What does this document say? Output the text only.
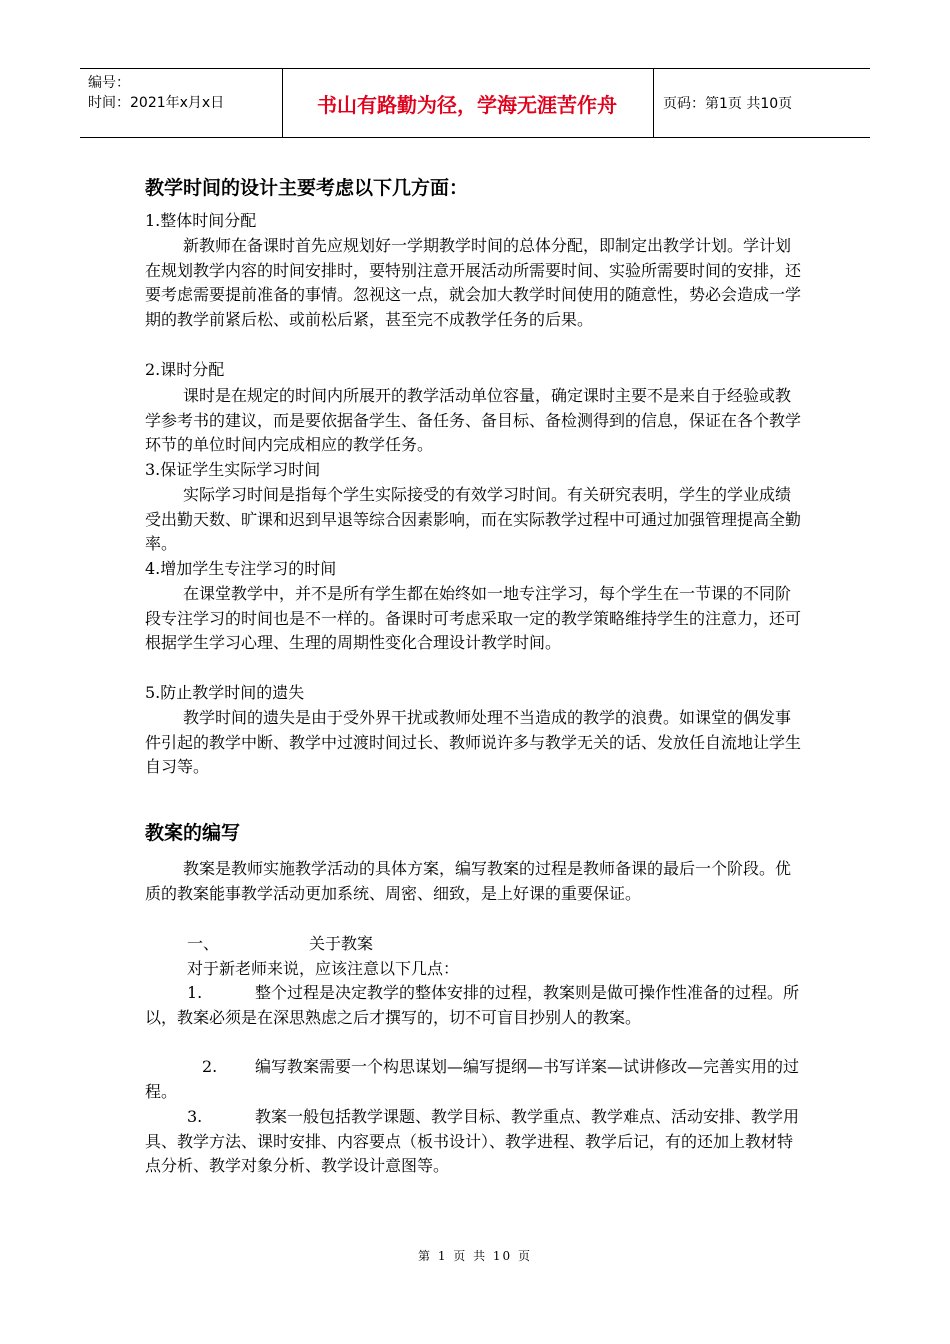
编号：
时间：2021年x月x日	书山有路勤为径，学海无涯苦作舟	页码：第1页 共10页
教学时间的设计主要考虑以下几方面：
1.整体时间分配

新教师在备课时首先应规划好一学期教学时间的总体分配，即制定出教学计划。学计划在规划教学内容的时间安排时，要特别注意开展活动所需要时间、实验所需要时间的安排，还要考虑需要提前准备的事情。忽视这一点，就会加大教学时间使用的随意性，势必会造成一学期的教学前紧后松、或前松后紧，甚至完不成教学任务的后果。

2.课时分配

课时是在规定的时间内所展开的教学活动单位容量，确定课时主要不是来自于经验或教学参考书的建议，而是要依据备学生、备任务、备目标、备检测得到的信息，保证在各个教学环节的单位时间内完成相应的教学任务。

3.保证学生实际学习时间

实际学习时间是指每个学生实际接受的有效学习时间。有关研究表明，学生的学业成绩受出勤天数、旷课和迟到早退等综合因素影响，而在实际教学过程中可通过加强管理提高全勤率。

4.增加学生专注学习的时间

在课堂教学中，并不是所有学生都在始终如一地专注学习，每个学生在一节课的不同阶段专注学习的时间也是不一样的。备课时可考虑采取一定的教学策略维持学生的注意力，还可根据学生学习心理、生理的周期性变化合理设计教学时间。

5.防止教学时间的遗失

教学时间的遗失是由于受外界干扰或教师处理不当造成的教学的浪费。如课堂的偶发事件引起的教学中断、教学中过渡时间过长、教师说许多与教学无关的话、发放任自流地让学生自习等。

教案的编写

教案是教师实施教学活动的具体方案，编写教案的过程是教师备课的最后一个阶段。优质的教案能事教学活动更加系统、周密、细致，是上好课的重要保证。

一、	关于教案
对于新老师来说，应该注意以下几点：

1.	整个过程是决定教学的整体安排的过程，教案则是做可操作性准备的过程。所以，教案必须是在深思熟虑之后才撰写的，切不可盲目抄别人的教案。

2. 编写教案需要一个构思谋划—编写提纲—书写详案—试讲修改—完善实用的过程。

3.	教案一般包括教学课题、教学目标、教学重点、教学难点、活动安排、教学用具、教学方法、课时安排、内容要点（板书设计）、教学进程、教学后记，有的还加上教材特点分析、教学对象分析、教学设计意图等。

第 1 页 共 10 页
